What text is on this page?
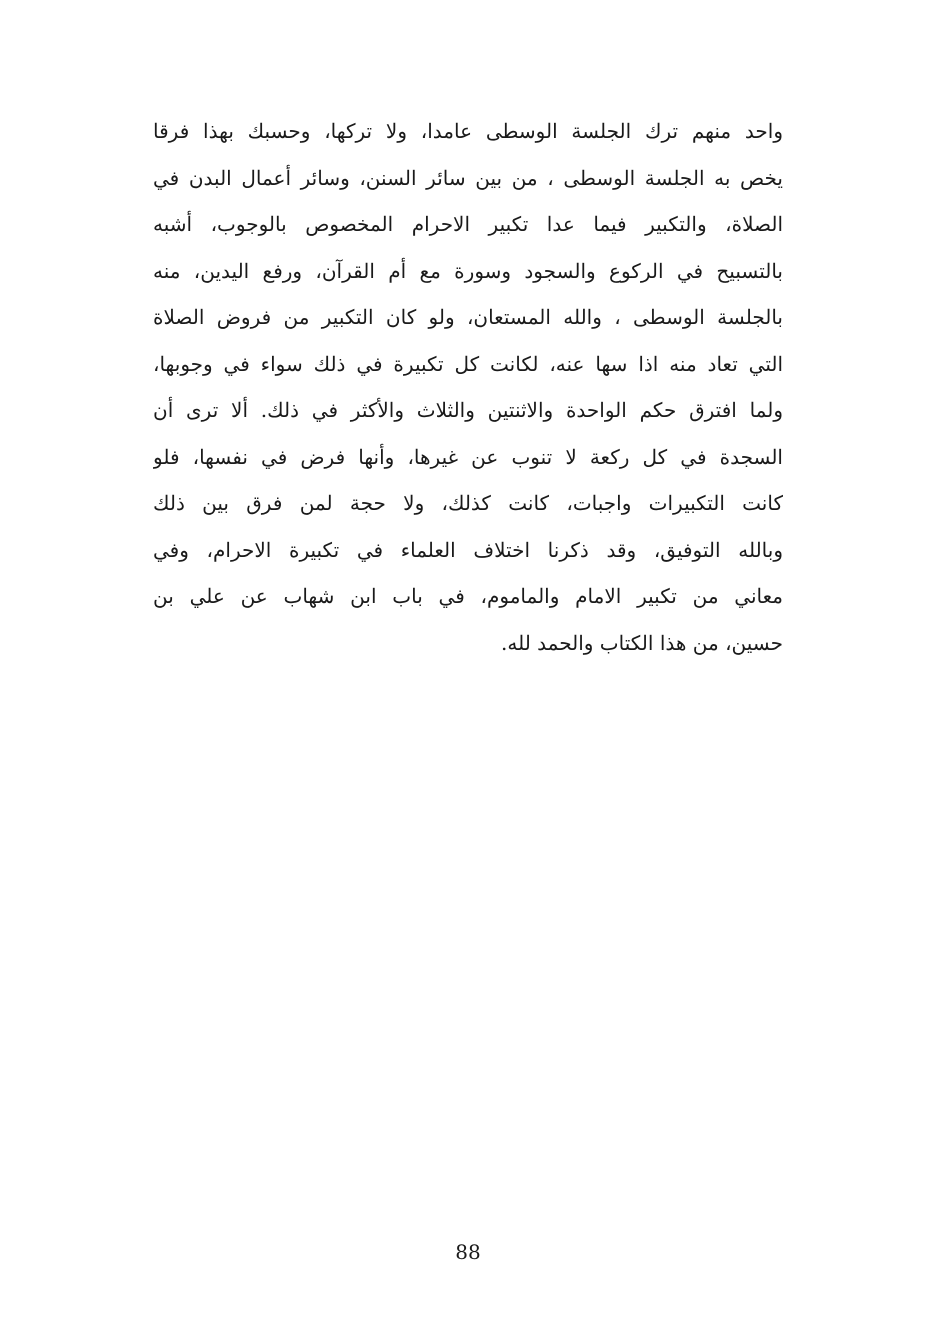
واحد منهم ترك الجلسة الوسطى عامدا، ولا تركها، وحسبك بهذا فرقا
يخص به الجلسة الوسطى ، من بين سائر السنن، وسائر أعمال البدن في
الصلاة، والتكبير فيما عدا تكبير الاحرام المخصوص بالوجوب، أشبه
بالتسبيح في الركوع والسجود وسورة مع أم القرآن، ورفع اليدين، منه
بالجلسة الوسطى ، والله المستعان، ولو كان التكبير من فروض الصلاة
التي تعاد منه اذا سها عنه، لكانت كل تكبيرة في ذلك سواء في وجوبها،
ولما افترق حكم الواحدة والاثنتين والثلاث والأكثر في ذلك. ألا ترى أن
السجدة في كل ركعة لا تنوب عن غيرها، وأنها فرض في نفسها، فلو
كانت التكبيرات واجبات، كانت كذلك، ولا حجة لمن فرق بين ذلك
وبالله التوفيق، وقد ذكرنا اختلاف العلماء في تكبيرة الاحرام، وفي
معاني من تكبير الامام والماموم، في باب ابن شهاب عن علي بن
حسين، من هذا الكتاب والحمد لله.
88
